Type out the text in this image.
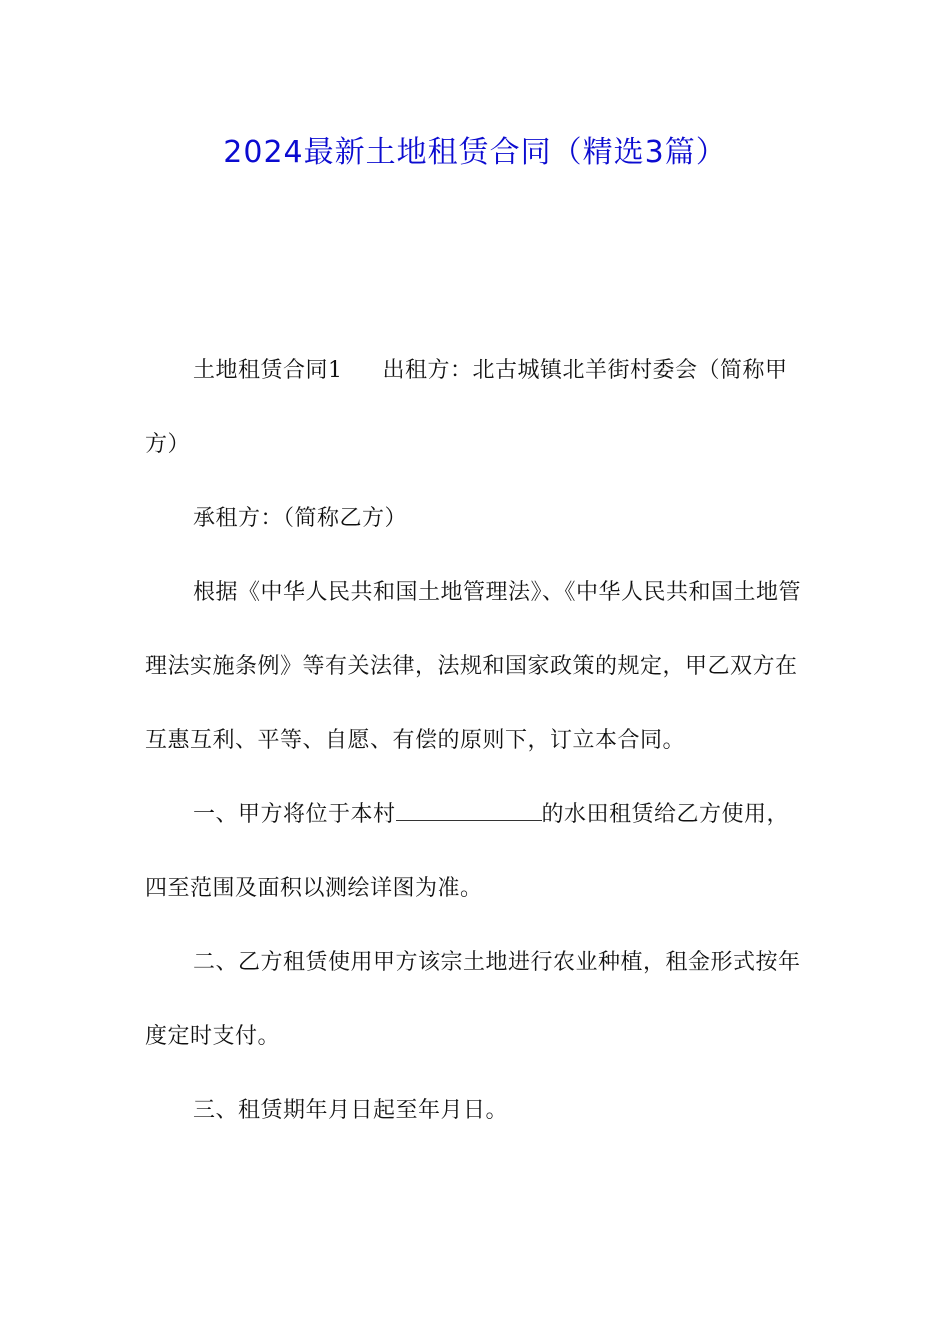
2024最新土地租赁合同（精选3篇）

土地租赁合同1 出租方：北古城镇北羊街村委会（简称甲方）

承租方：（简称乙方）

根据《中华人民共和国土地管理法》、《中华人民共和国土地管理法实施条例》等有关法律，法规和国家政策的规定，甲乙双方在互惠互利、平等、自愿、有偿的原则下，订立本合同。

一、甲方将位于本村	的水田租赁给乙方使用，四至范围及面积以测绘详图为准。

二、乙方租赁使用甲方该宗土地进行农业种植，租金形式按年度定时支付。

三、租赁期年月日起至年月日。
